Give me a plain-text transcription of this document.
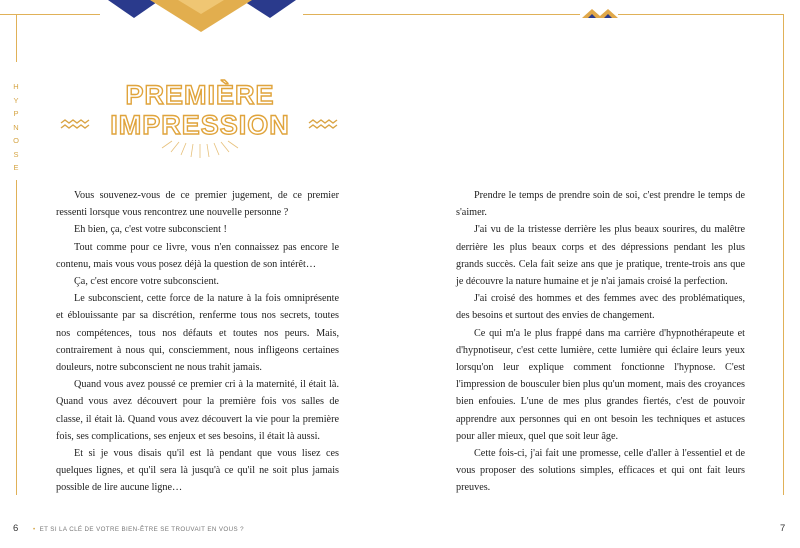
H
Y
P
N
O
S
E
PREMIÈRE
IMPRESSION

Vous souvenez-vous de ce premier jugement, de ce premier ressenti lorsque vous rencontrez une nouvelle personne ?

Eh bien, ça, c'est votre subconscient !

Tout comme pour ce livre, vous n'en connaissez pas encore le contenu, mais vous vous posez déjà la question de son intérêt…

Ça, c'est encore votre subconscient.

Le subconscient, cette force de la nature à la fois omniprésente et éblouissante par sa discrétion, renferme tous nos secrets, toutes nos compétences, tous nos défauts et toutes nos peurs. Mais, contrairement à nous qui, consciemment, nous infligeons certaines douleurs, notre subconscient ne nous trahit jamais.

Quand vous avez poussé ce premier cri à la maternité, il était là. Quand vous avez découvert pour la première fois vos salles de classe, il était là. Quand vous avez découvert la vie pour la première fois, ses complications, ses enjeux et ses besoins, il était là aussi.

Et si je vous disais qu'il est là pendant que vous lisez ces quelques lignes, et qu'il sera là jusqu'à ce qu'il ne soit plus jamais possible de lire aucune ligne…

6 • ET SI LA CLÉ DE VOTRE BIEN-ÊTRE SE TROUVAIT EN VOUS ?

Prendre le temps de prendre soin de soi, c'est prendre le temps de s'aimer.

J'ai vu de la tristesse derrière les plus beaux sourires, du malêtre derrière les plus beaux corps et des dépressions pendant les plus grands succès. Cela fait seize ans que je pratique, trente-trois ans que je découvre la nature humaine et je n'ai jamais croisé la perfection.

J'ai croisé des hommes et des femmes avec des problématiques, des besoins et surtout des envies de changement.

Ce qui m'a le plus frappé dans ma carrière d'hypnothérapeute et d'hypnotiseur, c'est cette lumière, cette lumière qui éclaire leurs yeux lorsqu'on leur explique comment fonctionne l'hypnose. C'est l'impression de bousculer bien plus qu'un moment, mais des croyances bien enfouies. L'une de mes plus grandes fiertés, c'est de pouvoir apprendre aux personnes qui en ont besoin les techniques et astuces pour aller mieux, quel que soit leur âge.

Cette fois-ci, j'ai fait une promesse, celle d'aller à l'essentiel et de vous proposer des solutions simples, efficaces et qui ont fait leurs preuves.

7
